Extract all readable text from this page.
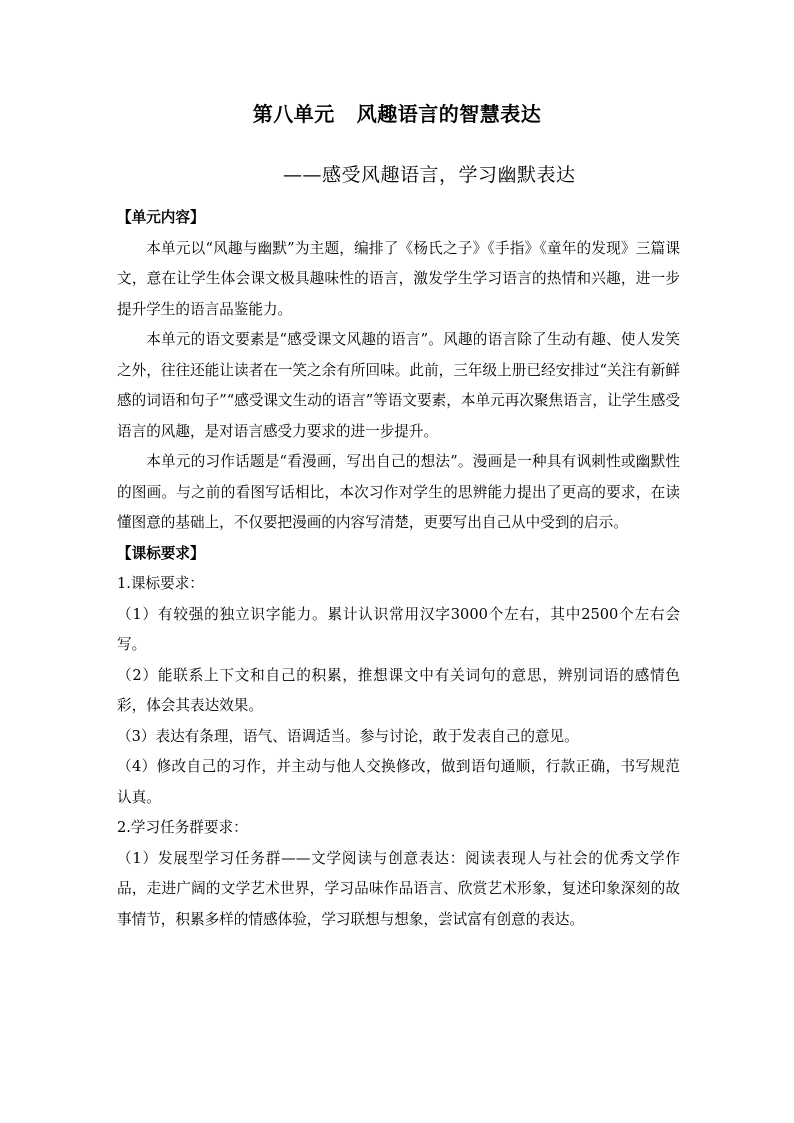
第八单元 风趣语言的智慧表达
——感受风趣语言，学习幽默表达

【单元内容】

本单元以“风趣与幽默”为主题，编排了《杨氏之子》《手指》《童年的发现》三篇课文，意在让学生体会课文极具趣味性的语言，激发学生学习语言的热情和兴趣，进一步提升学生的语言品鉴能力。

本单元的语文要素是“感受课文风趣的语言”。风趣的语言除了生动有趣、使人发笑之外，往往还能让读者在一笑之余有所回味。此前，三年级上册已经安排过“关注有新鲜感的词语和句子”“感受课文生动的语言”等语文要素，本单元再次聚焦语言，让学生感受语言的风趣，是对语言感受力要求的进一步提升。

本单元的习作话题是“看漫画，写出自己的想法”。漫画是一种具有讽刺性或幽默性的图画。与之前的看图写话相比，本次习作对学生的思辨能力提出了更高的要求，在读懂图意的基础上，不仅要把漫画的内容写清楚，更要写出自己从中受到的启示。

【课标要求】

1.课标要求：

（1）有较强的独立识字能力。累计认识常用汉字3000个左右，其中2500个左右会写。

（2）能联系上下文和自己的积累，推想课文中有关词句的意思，辨别词语的感情色彩，体会其表达效果。

（3）表达有条理，语气、语调适当。参与讨论，敢于发表自己的意见。

（4）修改自己的习作，并主动与他人交换修改，做到语句通顺，行款正确，书写规范认真。

2.学习任务群要求：

（1）发展型学习任务群——文学阅读与创意表达：阅读表现人与社会的优秀文学作品，走进广阔的文学艺术世界，学习品味作品语言、欣赏艺术形象，复述印象深刻的故事情节，积累多样的情感体验，学习联想与想象，尝试富有创意的表达。
